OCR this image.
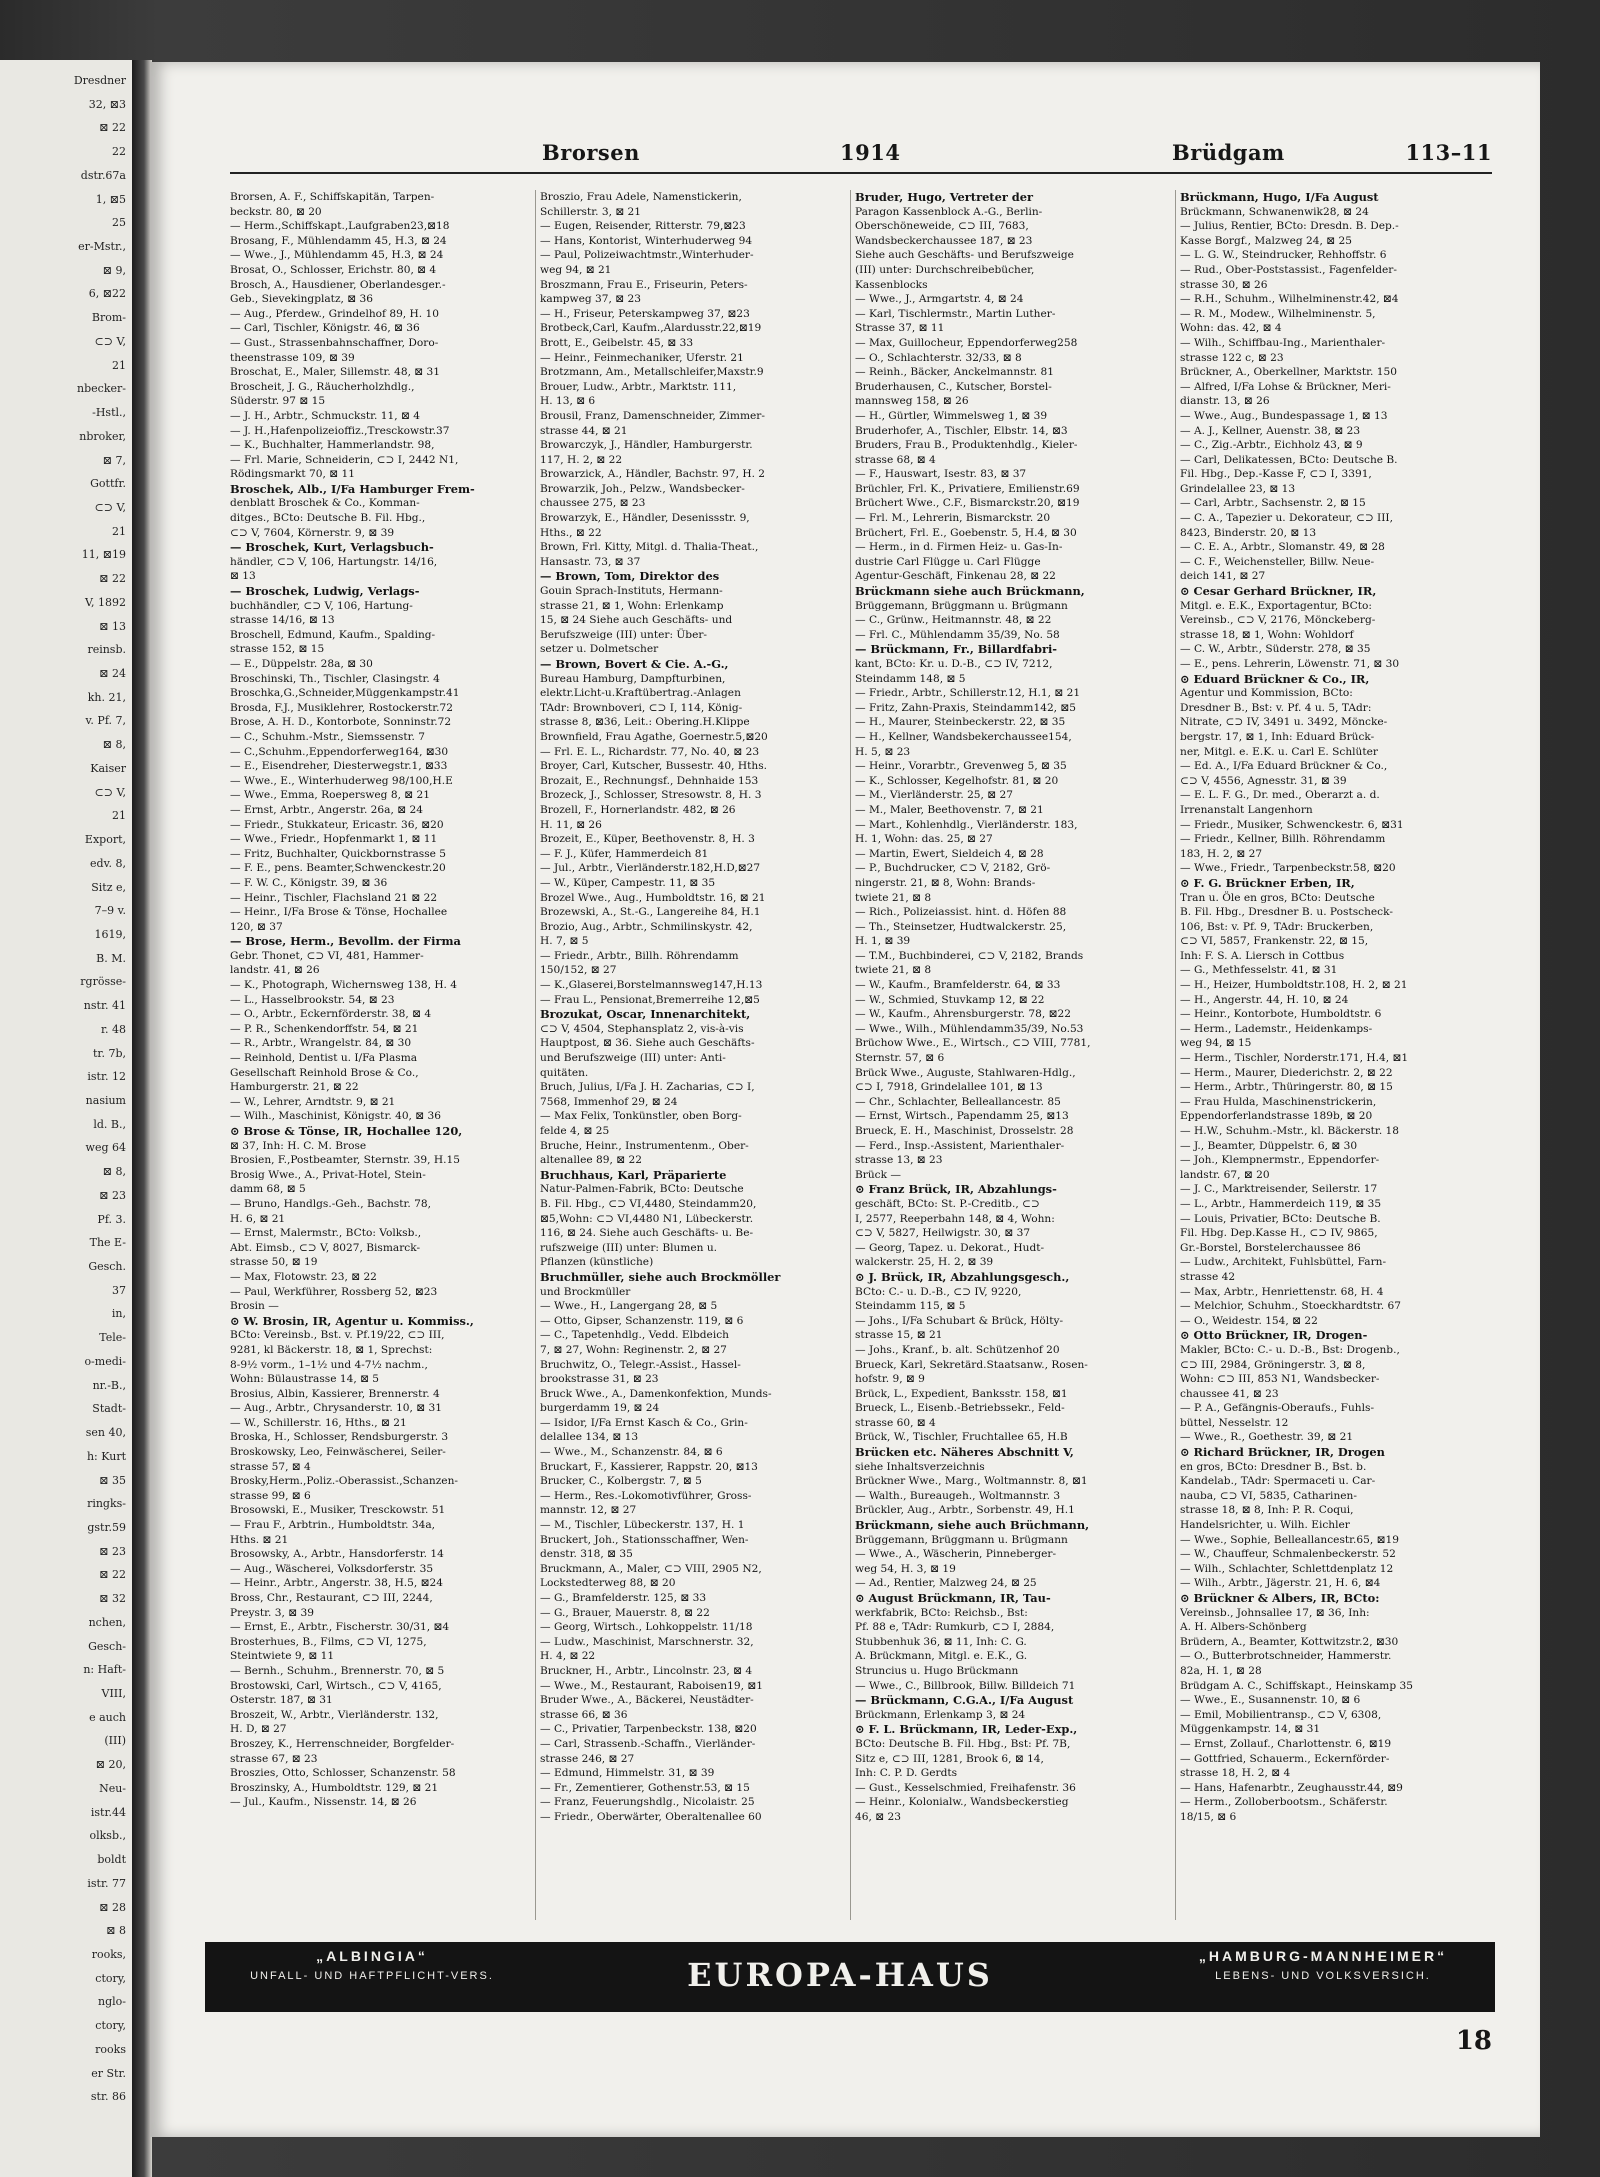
Dresdner
32, ⊠3
⊠ 22
22
dstr.67a
1, ⊠5
25
er-Mstr.,
⊠ 9,
6, ⊠22
Brom-
⊂⊃ V,
21
nbecker-
-Hstl.,
nbroker,
⊠ 7,
Gottfr.
⊂⊃ V,
21
11, ⊠19
⊠ 22
V, 1892
⊠ 13
reinsb.
⊠ 24
kh. 21,
v. Pf. 7,
⊠ 8,
Kaiser
⊂⊃ V,
21
Export,
edv. 8,
Sitz e,
7–9 v.
1619,
B. M.
rgrösse-
nstr. 41
r. 48
tr. 7b,
istr. 12
nasium
ld. B.,
weg 64
⊠ 8,
⊠ 23
Pf. 3.
The E-
Gesch.
37
in,
Tele-
o-medi-
nr.-B.,
Stadt-
sen 40,
h: Kurt
⊠ 35
ringks-
gstr.59
⊠ 23
⊠ 22
⊠ 32
nchen,
Gesch-
n: Haft-
VIII,
e auch
(III)
⊠ 20,
Neu-
istr.44
olksb.,
boldt
istr. 77
⊠ 28
⊠ 8
rooks,
ctory,
nglo-
ctory,
rooks
er Str.
str. 86
Brorsen	1914	Brüdgam	113–11
Brorsen, A. F., Schiffskapitän, Tarpen-
beckstr. 80, ⊠ 20
— Herm.,Schiffskapt.,Laufgraben23,⊠18
Brosang, F., Mühlendamm 45, H.3, ⊠ 24
— Wwe., J., Mühlendamm 45, H.3, ⊠ 24
Brosat, O., Schlosser, Erichstr. 80, ⊠ 4
Brosch, A., Hausdiener, Oberlandesger.-
Geb., Sievekingplatz, ⊠ 36
— Aug., Pferdew., Grindelhof 89, H. 10
— Carl, Tischler, Königstr. 46, ⊠ 36
— Gust., Strassenbahnschaffner, Doro-
theenstrasse 109, ⊠ 39
Broschat, E., Maler, Sillemstr. 48, ⊠ 31
Broscheit, J. G., Räucherholzhdlg.,
Süderstr. 97 ⊠ 15
— J. H., Arbtr., Schmuckstr. 11, ⊠ 4
— J. H.,Hafenpolizeioffiz.,Tresckowstr.37
— K., Buchhalter, Hammerlandstr. 98,
— Frl. Marie, Schneiderin, ⊂⊃ I, 2442 N1,
Rödingsmarkt 70, ⊠ 11
Broschek, Alb., I/Fa Hamburger Frem-
denblatt Broschek & Co., Komman-
ditges., BCto: Deutsche B. Fil. Hbg.,
⊂⊃ V, 7604, Körnerstr. 9, ⊠ 39
— Broschek, Kurt, Verlagsbuch-
händler, ⊂⊃ V, 106, Hartungstr. 14/16,
⊠ 13
— Broschek, Ludwig, Verlags-
buchhändler, ⊂⊃ V, 106, Hartung-
strasse 14/16, ⊠ 13
Broschell, Edmund, Kaufm., Spalding-
strasse 152, ⊠ 15
— E., Düppelstr. 28a, ⊠ 30
Broschinski, Th., Tischler, Clasingstr. 4
Broschka,G.,Schneider,Müggenkampstr.41
Brosda, F.J., Musiklehrer, Rostockerstr.72
Brose, A. H. D., Kontorbote, Sonninstr.72
— C., Schuhm.-Mstr., Siemssenstr. 7
— C.,Schuhm.,Eppendorferweg164, ⊠30
— E., Eisendreher, Diesterwegstr.1, ⊠33
— Wwe., E., Winterhuderweg 98/100,H.E
— Wwe., Emma, Roepersweg 8, ⊠ 21
— Ernst, Arbtr., Angerstr. 26a, ⊠ 24
— Friedr., Stukkateur, Ericastr. 36, ⊠20
— Wwe., Friedr., Hopfenmarkt 1, ⊠ 11
— Fritz, Buchhalter, Quickbornstrasse 5
— F. E., pens. Beamter,Schwenckestr.20
— F. W. C., Königstr. 39, ⊠ 36
— Heinr., Tischler, Flachsland 21 ⊠ 22
— Heinr., I/Fa Brose & Tönse, Hochallee
120, ⊠ 37
— Brose, Herm., Bevollm. der Firma
Gebr. Thonet, ⊂⊃ VI, 481, Hammer-
landstr. 41, ⊠ 26
— K., Photograph, Wichernsweg 138, H. 4
— L., Hasselbrookstr. 54, ⊠ 23
— O., Arbtr., Eckernförderstr. 38, ⊠ 4
— P. R., Schenkendorffstr. 54, ⊠ 21
— R., Arbtr., Wrangelstr. 84, ⊠ 30
— Reinhold, Dentist u. I/Fa Plasma
Gesellschaft Reinhold Brose & Co.,
Hamburgerstr. 21, ⊠ 22
— W., Lehrer, Arndtstr. 9, ⊠ 21
— Wilh., Maschinist, Königstr. 40, ⊠ 36
⊙ Brose & Tönse, IR, Hochallee 120,
⊠ 37, Inh: H. C. M. Brose
Brosien, F.,Postbeamter, Sternstr. 39, H.15
Brosig Wwe., A., Privat-Hotel, Stein-
damm 68, ⊠ 5
— Bruno, Handlgs.-Geh., Bachstr. 78,
H. 6, ⊠ 21
— Ernst, Malermstr., BCto: Volksb.,
Abt. Eimsb., ⊂⊃ V, 8027, Bismarck-
strasse 50, ⊠ 19
— Max, Flotowstr. 23, ⊠ 22
— Paul, Werkführer, Rossberg 52, ⊠23
Brosin —
⊙ W. Brosin, IR, Agentur u. Kommiss.,
BCto: Vereinsb., Bst. v. Pf.19/22, ⊂⊃ III,
9281, kl Bäckerstr. 18, ⊠ 1, Sprechst:
8-9½ vorm., 1–1½ und 4-7½ nachm.,
Wohn: Bülaustrasse 14, ⊠ 5
Brosius, Albin, Kassierer, Brennerstr. 4
— Aug., Arbtr., Chrysanderstr. 10, ⊠ 31
— W., Schillerstr. 16, Hths., ⊠ 21
Broska, H., Schlosser, Rendsburgerstr. 3
Broskowsky, Leo, Feinwäscherei, Seiler-
strasse 57, ⊠ 4
Brosky,Herm.,Poliz.-Oberassist.,Schanzen-
strasse 99, ⊠ 6
Brosowski, E., Musiker, Tresckowstr. 51
— Frau F., Arbtrin., Humboldtstr. 34a,
Hths. ⊠ 21
Brosowsky, A., Arbtr., Hansdorferstr. 14
— Aug., Wäscherei, Volksdorferstr. 35
— Heinr., Arbtr., Angerstr. 38, H.5, ⊠24
Bross, Chr., Restaurant, ⊂⊃ III, 2244,
Preystr. 3, ⊠ 39
— Ernst, E., Arbtr., Fischerstr. 30/31, ⊠4
Brosterhues, B., Films, ⊂⊃ VI, 1275,
Steintwiete 9, ⊠ 11
— Bernh., Schuhm., Brennerstr. 70, ⊠ 5
Brostowski, Carl, Wirtsch., ⊂⊃ V, 4165,
Osterstr. 187, ⊠ 31
Broszeit, W., Arbtr., Vierländerstr. 132,
H. D, ⊠ 27
Broszey, K., Herrenschneider, Borgfelder-
strasse 67, ⊠ 23
Broszies, Otto, Schlosser, Schanzenstr. 58
Broszinsky, A., Humboldtstr. 129, ⊠ 21
— Jul., Kaufm., Nissenstr. 14, ⊠ 26
Broszio, Frau Adele, Namenstickerin,
Schillerstr. 3, ⊠ 21
— Eugen, Reisender, Ritterstr. 79,⊠23
— Hans, Kontorist, Winterhuderweg 94
— Paul, Polizeiwachtmstr.,Winterhuder-
weg 94, ⊠ 21
Broszmann, Frau E., Friseurin, Peters-
kampweg 37, ⊠ 23
— H., Friseur, Peterskampweg 37, ⊠23
Brotbeck,Carl, Kaufm.,Alardusstr.22,⊠19
Brott, E., Geibelstr. 45, ⊠ 33
— Heinr., Feinmechaniker, Uferstr. 21
Brotzmann, Am., Metallschleifer,Maxstr.9
Brouer, Ludw., Arbtr., Marktstr. 111,
H. 13, ⊠ 6
Brousil, Franz, Damenschneider, Zimmer-
strasse 44, ⊠ 21
Browarczyk, J., Händler, Hamburgerstr.
117, H. 2, ⊠ 22
Browarzick, A., Händler, Bachstr. 97, H. 2
Browarzik, Joh., Pelzw., Wandsbecker-
chaussee 275, ⊠ 23
Browarzyk, E., Händler, Desenissstr. 9,
Hths., ⊠ 22
Brown, Frl. Kitty, Mitgl. d. Thalia-Theat.,
Hansastr. 73, ⊠ 37
— Brown, Tom, Direktor des
Gouin Sprach-Instituts, Hermann-
strasse 21, ⊠ 1, Wohn: Erlenkamp
15, ⊠ 24 Siehe auch Geschäfts- und
Berufszweige (III) unter: Über-
setzer u. Dolmetscher
— Brown, Bovert & Cie. A.-G.,
Bureau Hamburg, Dampfturbinen,
elektr.Licht-u.Kraftübertrag.-Anlagen
TAdr: Brownboveri, ⊂⊃ I, 114, König-
strasse 8, ⊠36, Leit.: Obering.H.Klippe
Brownfield, Frau Agathe, Goernestr.5,⊠20
— Frl. E. L., Richardstr. 77, No. 40, ⊠ 23
Broyer, Carl, Kutscher, Bussestr. 40, Hths.
Brozait, E., Rechnungsf., Dehnhaide 153
Brozeck, J., Schlosser, Stresowstr. 8, H. 3
Brozell, F., Hornerlandstr. 482, ⊠ 26
H. 11, ⊠ 26
Brozeit, E., Küper, Beethovenstr. 8, H. 3
— F. J., Küfer, Hammerdeich 81
— Jul., Arbtr., Vierländerstr.182,H.D,⊠27
— W., Küper, Campestr. 11, ⊠ 35
Brozel Wwe., Aug., Humboldtstr. 16, ⊠ 21
Brozewski, A., St.-G., Langereihe 84, H.1
Brozio, Aug., Arbtr., Schmilinskystr. 42,
H. 7, ⊠ 5
— Friedr., Arbtr., Billh. Röhrendamm
150/152, ⊠ 27
— K.,Glaserei,Borstelmannsweg147,H.13
— Frau L., Pensionat,Bremerreihe 12,⊠5
Brozukat, Oscar, Innenarchitekt,
⊂⊃ V, 4504, Stephansplatz 2, vis-à-vis
Hauptpost, ⊠ 36. Siehe auch Geschäfts-
und Berufszweige (III) unter: Anti-
quitäten.
Bruch, Julius, I/Fa J. H. Zacharias, ⊂⊃ I,
7568, Immenhof 29, ⊠ 24
— Max Felix, Tonkünstler, oben Borg-
felde 4, ⊠ 25
Bruche, Heinr., Instrumentenm., Ober-
altenallee 89, ⊠ 22
Bruchhaus, Karl, Präparierte
Natur-Palmen-Fabrik, BCto: Deutsche
B. Fil. Hbg., ⊂⊃ VI,4480, Steindamm20,
⊠5,Wohn: ⊂⊃ VI,4480 N1, Lübeckerstr.
116, ⊠ 24. Siehe auch Geschäfts- u. Be-
rufszweige (III) unter: Blumen u.
Pflanzen (künstliche)
Bruchmüller, siehe auch Brockmöller
und Brockmüller
— Wwe., H., Langergang 28, ⊠ 5
— Otto, Gipser, Schanzenstr. 119, ⊠ 6
— C., Tapetenhdlg., Vedd. Elbdeich
7, ⊠ 27, Wohn: Reginenstr. 2, ⊠ 27
Bruchwitz, O., Telegr.-Assist., Hassel-
brookstrasse 31, ⊠ 23
Bruck Wwe., A., Damenkonfektion, Munds-
burgerdamm 19, ⊠ 24
— Isidor, I/Fa Ernst Kasch & Co., Grin-
delallee 134, ⊠ 13
— Wwe., M., Schanzenstr. 84, ⊠ 6
Bruckart, F., Kassierer, Rappstr. 20, ⊠13
Brucker, C., Kolbergstr. 7, ⊠ 5
— Herm., Res.-Lokomotivführer, Gross-
mannstr. 12, ⊠ 27
— M., Tischler, Lübeckerstr. 137, H. 1
Bruckert, Joh., Stationsschaffner, Wen-
denstr. 318, ⊠ 35
Bruckmann, A., Maler, ⊂⊃ VIII, 2905 N2,
Lockstedterweg 88, ⊠ 20
— G., Bramfelderstr. 125, ⊠ 33
— G., Brauer, Mauerstr. 8, ⊠ 22
— Georg, Wirtsch., Lohkoppelstr. 11/18
— Ludw., Maschinist, Marschnerstr. 32,
H. 4, ⊠ 22
Bruckner, H., Arbtr., Lincolnstr. 23, ⊠ 4
— Wwe., M., Restaurant, Raboisen19, ⊠1
Bruder Wwe., A., Bäckerei, Neustädter-
strasse 66, ⊠ 36
— C., Privatier, Tarpenbeckstr. 138, ⊠20
— Carl, Strassenb.-Schaffn., Vierländer-
strasse 246, ⊠ 27
— Edmund, Himmelstr. 31, ⊠ 39
— Fr., Zementierer, Gothenstr.53, ⊠ 15
— Franz, Feuerungshdlg., Nicolaistr. 25
— Friedr., Oberwärter, Oberaltenallee 60
Bruder, Hugo, Vertreter der
Paragon Kassenblock A.-G., Berlin-
Oberschöneweide, ⊂⊃ III, 7683,
Wandsbeckerchaussee 187, ⊠ 23
Siehe auch Geschäfts- und Berufszweige
(III) unter: Durchschreibebücher,
Kassenblocks
— Wwe., J., Armgartstr. 4, ⊠ 24
— Karl, Tischlermstr., Martin Luther-
Strasse 37, ⊠ 11
— Max, Guillocheur, Eppendorferweg258
— O., Schlachterstr. 32/33, ⊠ 8
— Reinh., Bäcker, Anckelmannstr. 81
Bruderhausen, C., Kutscher, Borstel-
mannsweg 158, ⊠ 26
— H., Gürtler, Wimmelsweg 1, ⊠ 39
Bruderhofer, A., Tischler, Elbstr. 14, ⊠3
Bruders, Frau B., Produktenhdlg., Kieler-
strasse 68, ⊠ 4
— F., Hauswart, Isestr. 83, ⊠ 37
Brüchler, Frl. K., Privatiere, Emilienstr.69
Brüchert Wwe., C.F., Bismarckstr.20, ⊠19
— Frl. M., Lehrerin, Bismarckstr. 20
Brüchert, Frl. E., Goebenstr. 5, H.4, ⊠ 30
— Herm., in d. Firmen Heiz- u. Gas-In-
dustrie Carl Flügge u. Carl Flügge
Agentur-Geschäft, Finkenau 28, ⊠ 22
Brückmann siehe auch Brückmann,
Brüggemann, Brüggmann u. Brügmann
— C., Grünw., Heitmannstr. 48, ⊠ 22
— Frl. C., Mühlendamm 35/39, No. 58
— Brückmann, Fr., Billardfabri-
kant, BCto: Kr. u. D.-B., ⊂⊃ IV, 7212,
Steindamm 148, ⊠ 5
— Friedr., Arbtr., Schillerstr.12, H.1, ⊠ 21
— Fritz, Zahn-Praxis, Steindamm142, ⊠5
— H., Maurer, Steinbeckerstr. 22, ⊠ 35
— H., Kellner, Wandsbekerchaussee154,
H. 5, ⊠ 23
— Heinr., Vorarbtr., Grevenweg 5, ⊠ 35
— K., Schlosser, Kegelhofstr. 81, ⊠ 20
— M., Vierländerstr. 25, ⊠ 27
— M., Maler, Beethovenstr. 7, ⊠ 21
— Mart., Kohlenhdlg., Vierländerstr. 183,
H. 1, Wohn: das. 25, ⊠ 27
— Martin, Ewert, Sieldeich 4, ⊠ 28
— P., Buchdrucker, ⊂⊃ V, 2182, Grö-
ningerstr. 21, ⊠ 8, Wohn: Brands-
twiete 21, ⊠ 8
— Rich., Polizeiassist. hint. d. Höfen 88
— Th., Steinsetzer, Hudtwalckerstr. 25,
H. 1, ⊠ 39
— T.M., Buchbinderei, ⊂⊃ V, 2182, Brands
twiete 21, ⊠ 8
— W., Kaufm., Bramfelderstr. 64, ⊠ 33
— W., Schmied, Stuvkamp 12, ⊠ 22
— W., Kaufm., Ahrensburgerstr. 78, ⊠22
— Wwe., Wilh., Mühlendamm35/39, No.53
Brüchow Wwe., E., Wirtsch., ⊂⊃ VIII, 7781,
Sternstr. 57, ⊠ 6
Brück Wwe., Auguste, Stahlwaren-Hdlg.,
⊂⊃ I, 7918, Grindelallee 101, ⊠ 13
— Chr., Schlachter, Belleallancestr. 85
— Ernst, Wirtsch., Papendamm 25, ⊠13
Brueck, E. H., Maschinist, Drosselstr. 28
— Ferd., Insp.-Assistent, Marienthaler-
strasse 13, ⊠ 23
Brück —
⊙ Franz Brück, IR, Abzahlungs-
geschäft, BCto: St. P.-Creditb., ⊂⊃
I, 2577, Reeperbahn 148, ⊠ 4, Wohn:
⊂⊃ V, 5827, Heilwigstr. 30, ⊠ 37
— Georg, Tapez. u. Dekorat., Hudt-
walckerstr. 25, H. 2, ⊠ 39
⊙ J. Brück, IR, Abzahlungsgesch.,
BCto: C.- u. D.-B., ⊂⊃ IV, 9220,
Steindamm 115, ⊠ 5
— Johs., I/Fa Schubart & Brück, Hölty-
strasse 15, ⊠ 21
— Johs., Kranf., b. alt. Schützenhof 20
Brueck, Karl, Sekretärd.Staatsanw., Rosen-
hofstr. 9, ⊠ 9
Brück, L., Expedient, Banksstr. 158, ⊠1
Brueck, L., Eisenb.-Betriebssekr., Feld-
strasse 60, ⊠ 4
Brück, W., Tischler, Fruchtallee 65, H.B
Brücken etc. Näheres Abschnitt V,
siehe Inhaltsverzeichnis
Brückner Wwe., Marg., Woltmannstr. 8, ⊠1
— Walth., Bureaugeh., Woltmannstr. 3
Brückler, Aug., Arbtr., Sorbenstr. 49, H.1
Brückmann, siehe auch Brüchmann,
Brüggemann, Brüggmann u. Brügmann
— Wwe., A., Wäscherin, Pinneberger-
weg 54, H. 3, ⊠ 19
— Ad., Rentier, Malzweg 24, ⊠ 25
⊙ August Brückmann, IR, Tau-
werkfabrik, BCto: Reichsb., Bst:
Pf. 88 e, TAdr: Rumkurb, ⊂⊃ I, 2884,
Stubbenhuk 36, ⊠ 11, Inh: C. G.
A. Brückmann, Mitgl. e. E.K., G.
Struncius u. Hugo Brückmann
— Wwe., C., Billbrook, Billw. Billdeich 71
— Brückmann, C.G.A., I/Fa August
Brückmann, Erlenkamp 3, ⊠ 24
⊙ F. L. Brückmann, IR, Leder-Exp.,
BCto: Deutsche B. Fil. Hbg., Bst: Pf. 7B,
Sitz e, ⊂⊃ III, 1281, Brook 6, ⊠ 14,
Inh: C. P. D. Gerdts
— Gust., Kesselschmied, Freihafenstr. 36
— Heinr., Kolonialw., Wandsbeckerstieg
46, ⊠ 23
Brückmann, Hugo, I/Fa August
Brückmann, Schwanenwik28, ⊠ 24
— Julius, Rentier, BCto: Dresdn. B. Dep.-
Kasse Borgf., Malzweg 24, ⊠ 25
— L. G. W., Steindrucker, Rehhoffstr. 6
— Rud., Ober-Poststassist., Fagenfelder-
strasse 30, ⊠ 26
— R.H., Schuhm., Wilhelminenstr.42, ⊠4
— R. M., Modew., Wilhelminenstr. 5,
Wohn: das. 42, ⊠ 4
— Wilh., Schiffbau-Ing., Marienthaler-
strasse 122 c, ⊠ 23
Brückner, A., Oberkellner, Marktstr. 150
— Alfred, I/Fa Lohse & Brückner, Meri-
dianstr. 13, ⊠ 26
— Wwe., Aug., Bundespassage 1, ⊠ 13
— A. J., Kellner, Auenstr. 38, ⊠ 23
— C., Zig.-Arbtr., Eichholz 43, ⊠ 9
— Carl, Delikatessen, BCto: Deutsche B.
Fil. Hbg., Dep.-Kasse F, ⊂⊃ I, 3391,
Grindelallee 23, ⊠ 13
— Carl, Arbtr., Sachsenstr. 2, ⊠ 15
— C. A., Tapezier u. Dekorateur, ⊂⊃ III,
8423, Binderstr. 20, ⊠ 13
— C. E. A., Arbtr., Slomanstr. 49, ⊠ 28
— C. F., Weichensteller, Billw. Neue-
deich 141, ⊠ 27
⊙ Cesar Gerhard Brückner, IR,
Mitgl. e. E.K., Exportagentur, BCto:
Vereinsb., ⊂⊃ V, 2176, Mönckeberg-
strasse 18, ⊠ 1, Wohn: Wohldorf
— C. W., Arbtr., Süderstr. 278, ⊠ 35
— E., pens. Lehrerin, Löwenstr. 71, ⊠ 30
⊙ Eduard Brückner & Co., IR,
Agentur und Kommission, BCto:
Dresdner B., Bst: v. Pf. 4 u. 5, TAdr:
Nitrate, ⊂⊃ IV, 3491 u. 3492, Möncke-
bergstr. 17, ⊠ 1, Inh: Eduard Brück-
ner, Mitgl. e. E.K. u. Carl E. Schlüter
— Ed. A., I/Fa Eduard Brückner & Co.,
⊂⊃ V, 4556, Agnesstr. 31, ⊠ 39
— E. L. F. G., Dr. med., Oberarzt a. d.
Irrenanstalt Langenhorn
— Friedr., Musiker, Schwenckestr. 6, ⊠31
— Friedr., Kellner, Billh. Röhrendamm
183, H. 2, ⊠ 27
— Wwe., Friedr., Tarpenbeckstr.58, ⊠20
⊙ F. G. Brückner Erben, IR,
Tran u. Öle en gros, BCto: Deutsche
B. Fil. Hbg., Dresdner B. u. Postscheck-
106, Bst: v. Pf. 9, TAdr: Bruckerben,
⊂⊃ VI, 5857, Frankenstr. 22, ⊠ 15,
Inh: F. S. A. Liersch in Cottbus
— G., Methfesselstr. 41, ⊠ 31
— H., Heizer, Humboldtstr.108, H. 2, ⊠ 21
— H., Angerstr. 44, H. 10, ⊠ 24
— Heinr., Kontorbote, Humboldtstr. 6
— Herm., Lademstr., Heidenkamps-
weg 94, ⊠ 15
— Herm., Tischler, Norderstr.171, H.4, ⊠1
— Herm., Maurer, Diederichstr. 2, ⊠ 22
— Herm., Arbtr., Thüringerstr. 80, ⊠ 15
— Frau Hulda, Maschinenstrickerin,
Eppendorferlandstrasse 189b, ⊠ 20
— H.W., Schuhm.-Mstr., kl. Bäckerstr. 18
— J., Beamter, Düppelstr. 6, ⊠ 30
— Joh., Klempnermstr., Eppendorfer-
landstr. 67, ⊠ 20
— J. C., Marktreisender, Seilerstr. 17
— L., Arbtr., Hammerdeich 119, ⊠ 35
— Louis, Privatier, BCto: Deutsche B.
Fil. Hbg. Dep.Kasse H., ⊂⊃ IV, 9865,
Gr.-Borstel, Borstelerchaussee 86
— Ludw., Architekt, Fuhlsbüttel, Farn-
strasse 42
— Max, Arbtr., Henriettenstr. 68, H. 4
— Melchior, Schuhm., Stoeckhardtstr. 67
— O., Weidestr. 154, ⊠ 22
⊙ Otto Brückner, IR, Drogen-
Makler, BCto: C.- u. D.-B., Bst: Drogenb.,
⊂⊃ III, 2984, Gröningerstr. 3, ⊠ 8,
Wohn: ⊂⊃ III, 853 N1, Wandsbecker-
chaussee 41, ⊠ 23
— P. A., Gefängnis-Oberaufs., Fuhls-
büttel, Nesselstr. 12
— Wwe., R., Goethestr. 39, ⊠ 21
⊙ Richard Brückner, IR, Drogen
en gros, BCto: Dresdner B., Bst. b.
Kandelab., TAdr: Spermaceti u. Car-
nauba, ⊂⊃ VI, 5835, Catharinen-
strasse 18, ⊠ 8, Inh: P. R. Coqui,
Handelsrichter, u. Wilh. Eichler
— Wwe., Sophie, Belleallancestr.65, ⊠19
— W., Chauffeur, Schmalenbeckerstr. 52
— Wilh., Schlachter, Schlettdenplatz 12
— Wilh., Arbtr., Jägerstr. 21, H. 6, ⊠4
⊙ Brückner & Albers, IR, BCto:
Vereinsb., Johnsallee 17, ⊠ 36, Inh:
A. H. Albers-Schönberg
Brüdern, A., Beamter, Kottwitzstr.2, ⊠30
— O., Butterbrotschneider, Hammerstr.
82a, H. 1, ⊠ 28
Brüdgam A. C., Schiffskapt., Heinskamp 35
— Wwe., E., Susannenstr. 10, ⊠ 6
— Emil, Mobilientransp., ⊂⊃ V, 6308,
Müggenkampstr. 14, ⊠ 31
— Ernst, Zollauf., Charlottenstr. 6, ⊠19
— Gottfried, Schauerm., Eckernförder-
strasse 18, H. 2, ⊠ 4
— Hans, Hafenarbtr., Zeughausstr.44, ⊠9
— Herm., Zolloberbootsm., Schäferstr.
18/15, ⊠ 6
„ALBINGIA“
UNFALL- UND HAFTPFLICHT-VERS.	EUROPA-HAUS	„HAMBURG-MANNHEIMER“
LEBENS- UND VOLKSVERSICH.
18
